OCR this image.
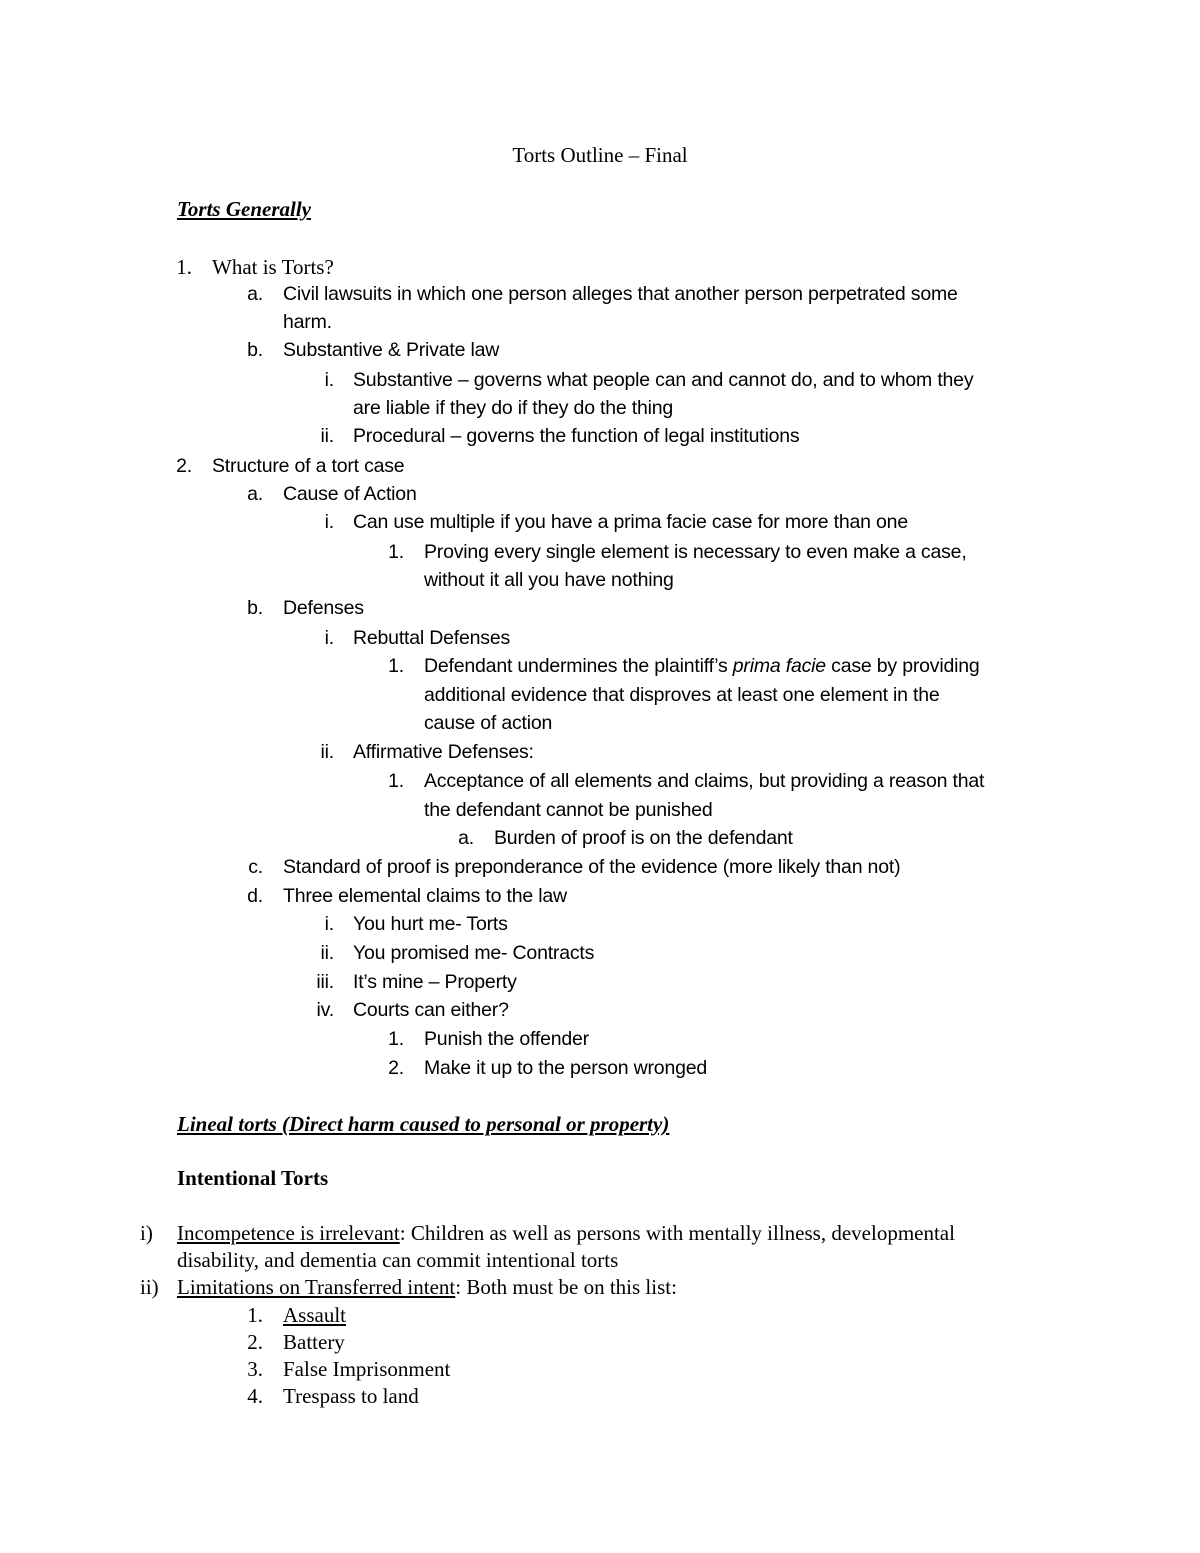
Torts Outline – Final
Torts Generally
1. What is Torts?
a. Civil lawsuits in which one person alleges that another person perpetrated some
harm.
b. Substantive & Private law
i. Substantive – governs what people can and cannot do, and to whom they
are liable if they do if they do the thing
ii. Procedural – governs the function of legal institutions
2. Structure of a tort case
a. Cause of Action
i. Can use multiple if you have a prima facie case for more than one
1. Proving every single element is necessary to even make a case,
without it all you have nothing
b. Defenses
i. Rebuttal Defenses
1. Defendant undermines the plaintiff’s prima facie case by providing
additional evidence that disproves at least one element in the
cause of action
ii. Affirmative Defenses:
1. Acceptance of all elements and claims, but providing a reason that
the defendant cannot be punished
a. Burden of proof is on the defendant
c. Standard of proof is preponderance of the evidence (more likely than not)
d. Three elemental claims to the law
i. You hurt me- Torts
ii. You promised me- Contracts
iii. It’s mine – Property
iv. Courts can either?
1. Punish the offender
2. Make it up to the person wronged
Lineal torts (Direct harm caused to personal or property)
Intentional Torts
i) Incompetence is irrelevant: Children as well as persons with mentally illness, developmental
disability, and dementia can commit intentional torts
ii) Limitations on Transferred intent: Both must be on this list:
1. Assault
2. Battery
3. False Imprisonment
4. Trespass to land
